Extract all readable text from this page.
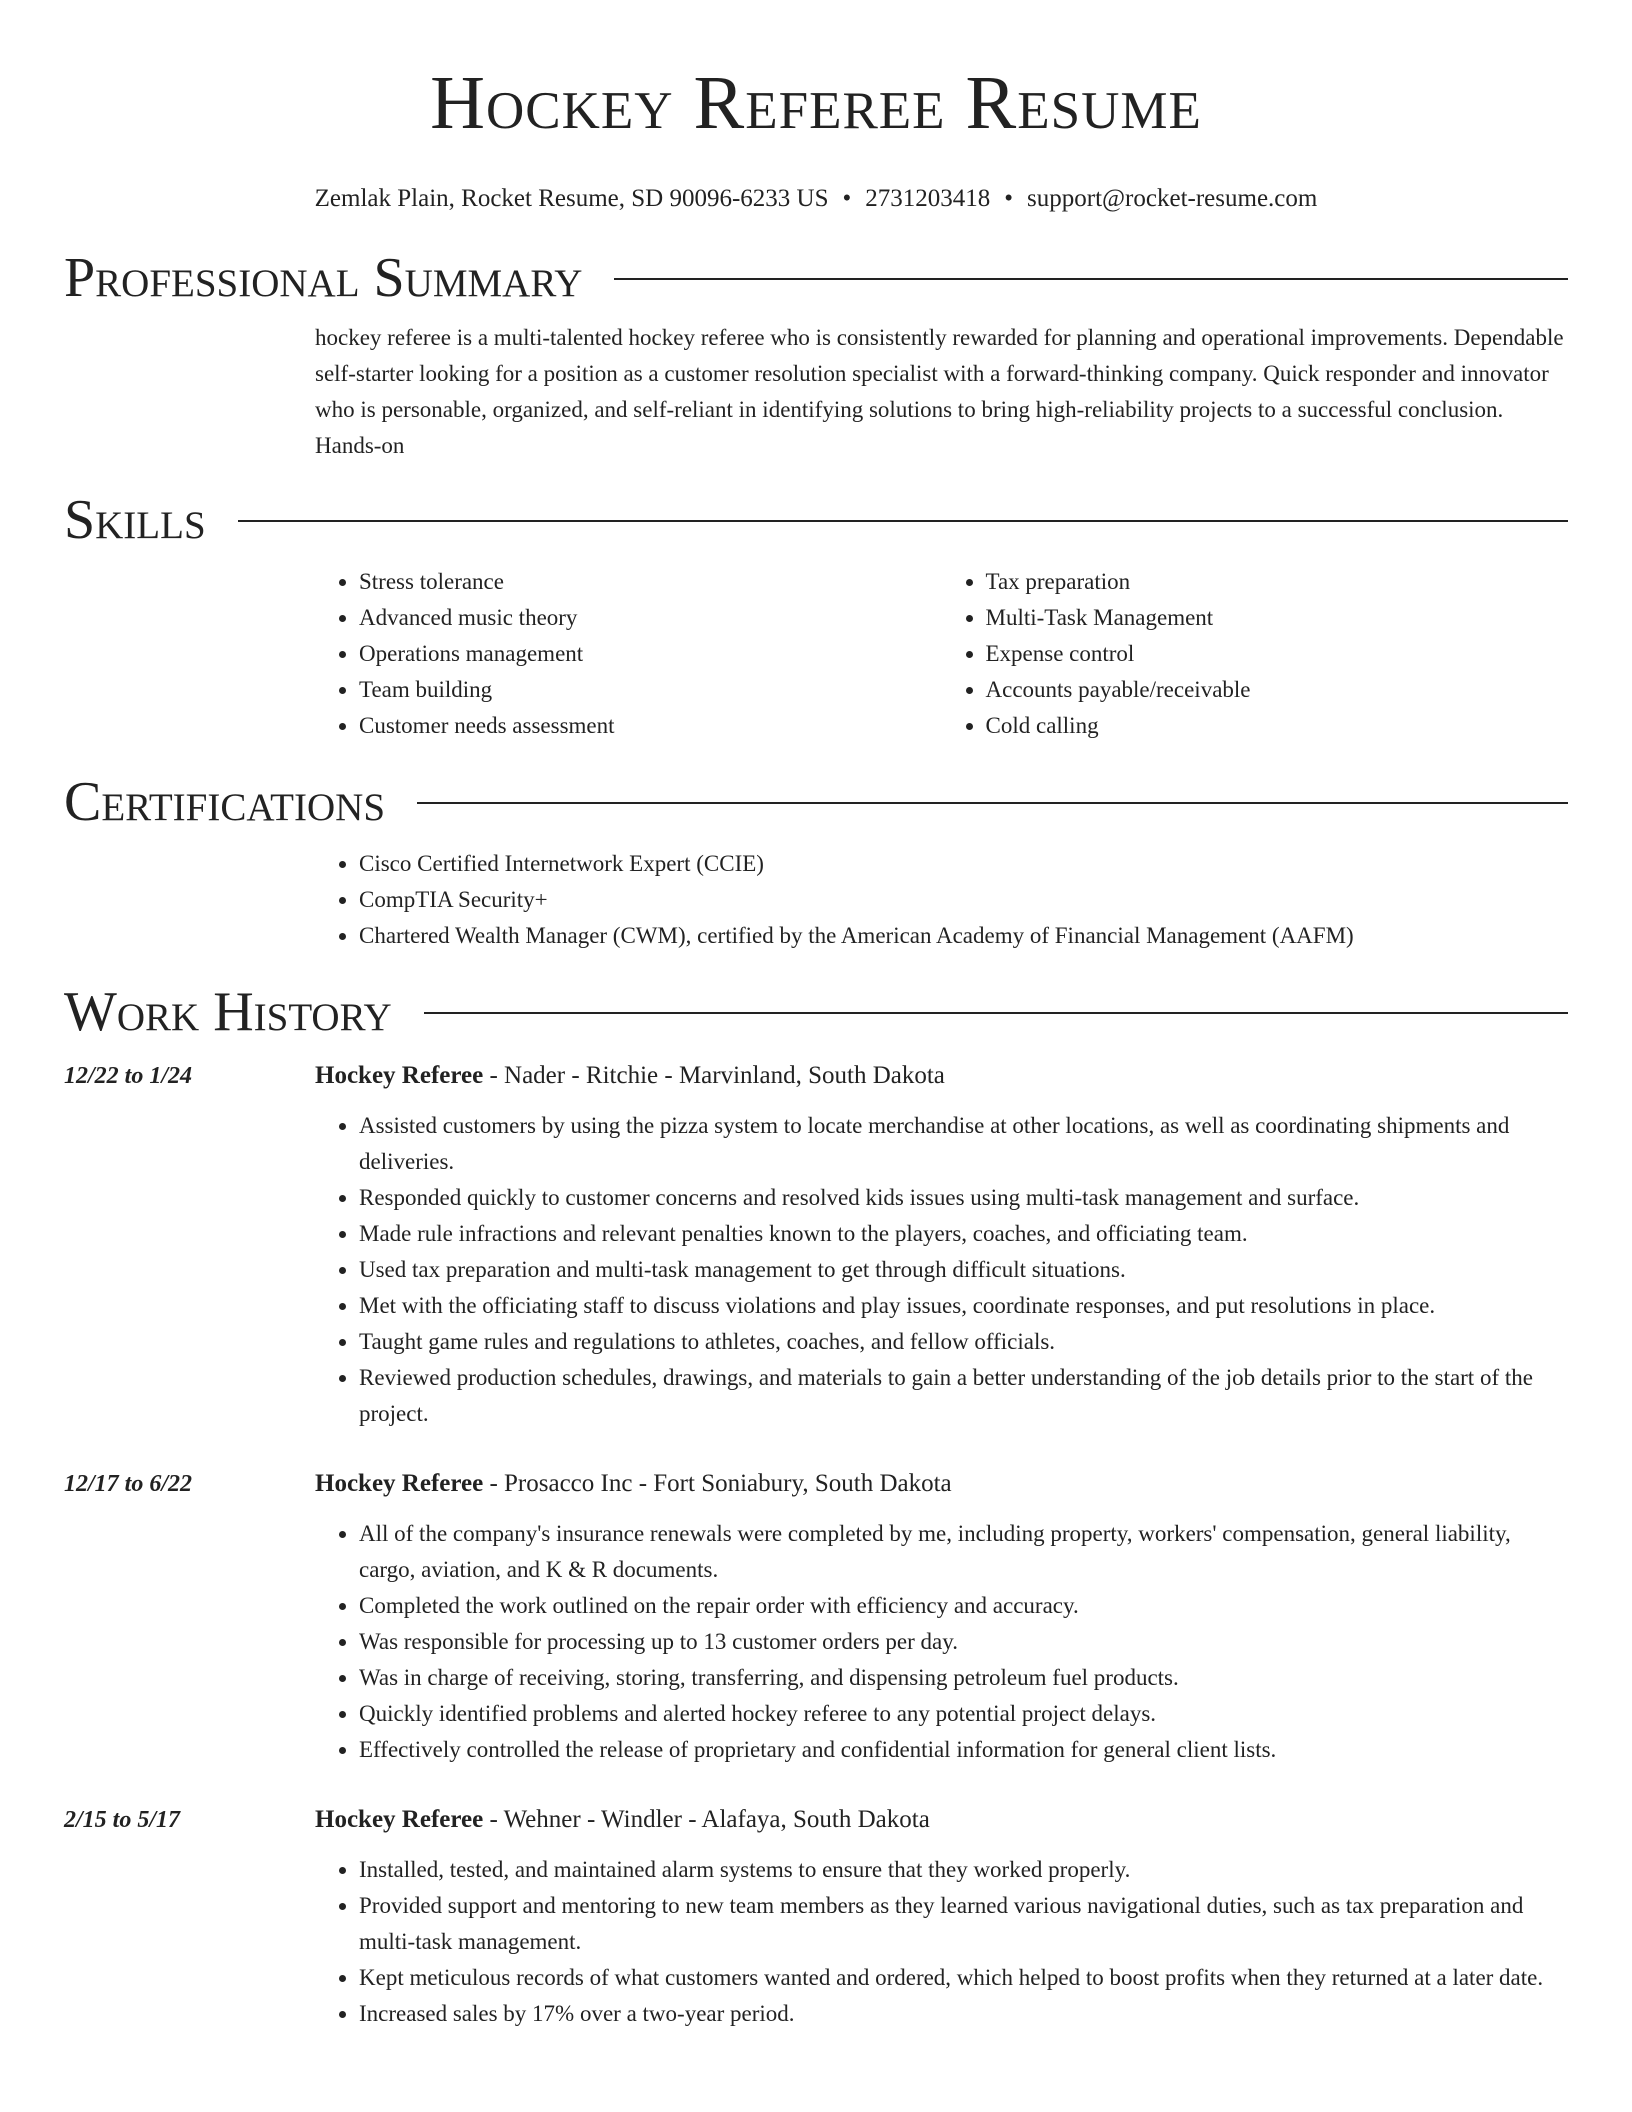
Hockey Referee Resume
Zemlak Plain, Rocket Resume, SD 90096-6233 US • 2731203418 • support@rocket-resume.com
Professional Summary

hockey referee is a multi-talented hockey referee who is consistently rewarded for planning and operational improvements. Dependable self-starter looking for a position as a customer resolution specialist with a forward-thinking company. Quick responder and innovator who is personable, organized, and self-reliant in identifying solutions to bring high-reliability projects to a successful conclusion. Hands-on

Skills
• Stress tolerance
• Advanced music theory
• Operations management
• Team building
• Customer needs assessment
• Tax preparation
• Multi-Task Management
• Expense control
• Accounts payable/receivable
• Cold calling
Certifications
• Cisco Certified Internetwork Expert (CCIE)
• CompTIA Security+
• Chartered Wealth Manager (CWM), certified by the American Academy of Financial Management (AAFM)
Work History
12/22 to 1/24	Hockey Referee - Nader - Ritchie - Marvinland, South Dakota
• Assisted customers by using the pizza system to locate merchandise at other locations, as well as coordinating shipments and deliveries.
• Responded quickly to customer concerns and resolved kids issues using multi-task management and surface.
• Made rule infractions and relevant penalties known to the players, coaches, and officiating team.
• Used tax preparation and multi-task management to get through difficult situations.
• Met with the officiating staff to discuss violations and play issues, coordinate responses, and put resolutions in place.
• Taught game rules and regulations to athletes, coaches, and fellow officials.
• Reviewed production schedules, drawings, and materials to gain a better understanding of the job details prior to the start of the project.
12/17 to 6/22	Hockey Referee - Prosacco Inc - Fort Soniabury, South Dakota
• All of the company's insurance renewals were completed by me, including property, workers' compensation, general liability, cargo, aviation, and K & R documents.
• Completed the work outlined on the repair order with efficiency and accuracy.
• Was responsible for processing up to 13 customer orders per day.
• Was in charge of receiving, storing, transferring, and dispensing petroleum fuel products.
• Quickly identified problems and alerted hockey referee to any potential project delays.
• Effectively controlled the release of proprietary and confidential information for general client lists.
2/15 to 5/17	Hockey Referee - Wehner - Windler - Alafaya, South Dakota
• Installed, tested, and maintained alarm systems to ensure that they worked properly.
• Provided support and mentoring to new team members as they learned various navigational duties, such as tax preparation and multi-task management.
• Kept meticulous records of what customers wanted and ordered, which helped to boost profits when they returned at a later date.
• Increased sales by 17% over a two-year period.
